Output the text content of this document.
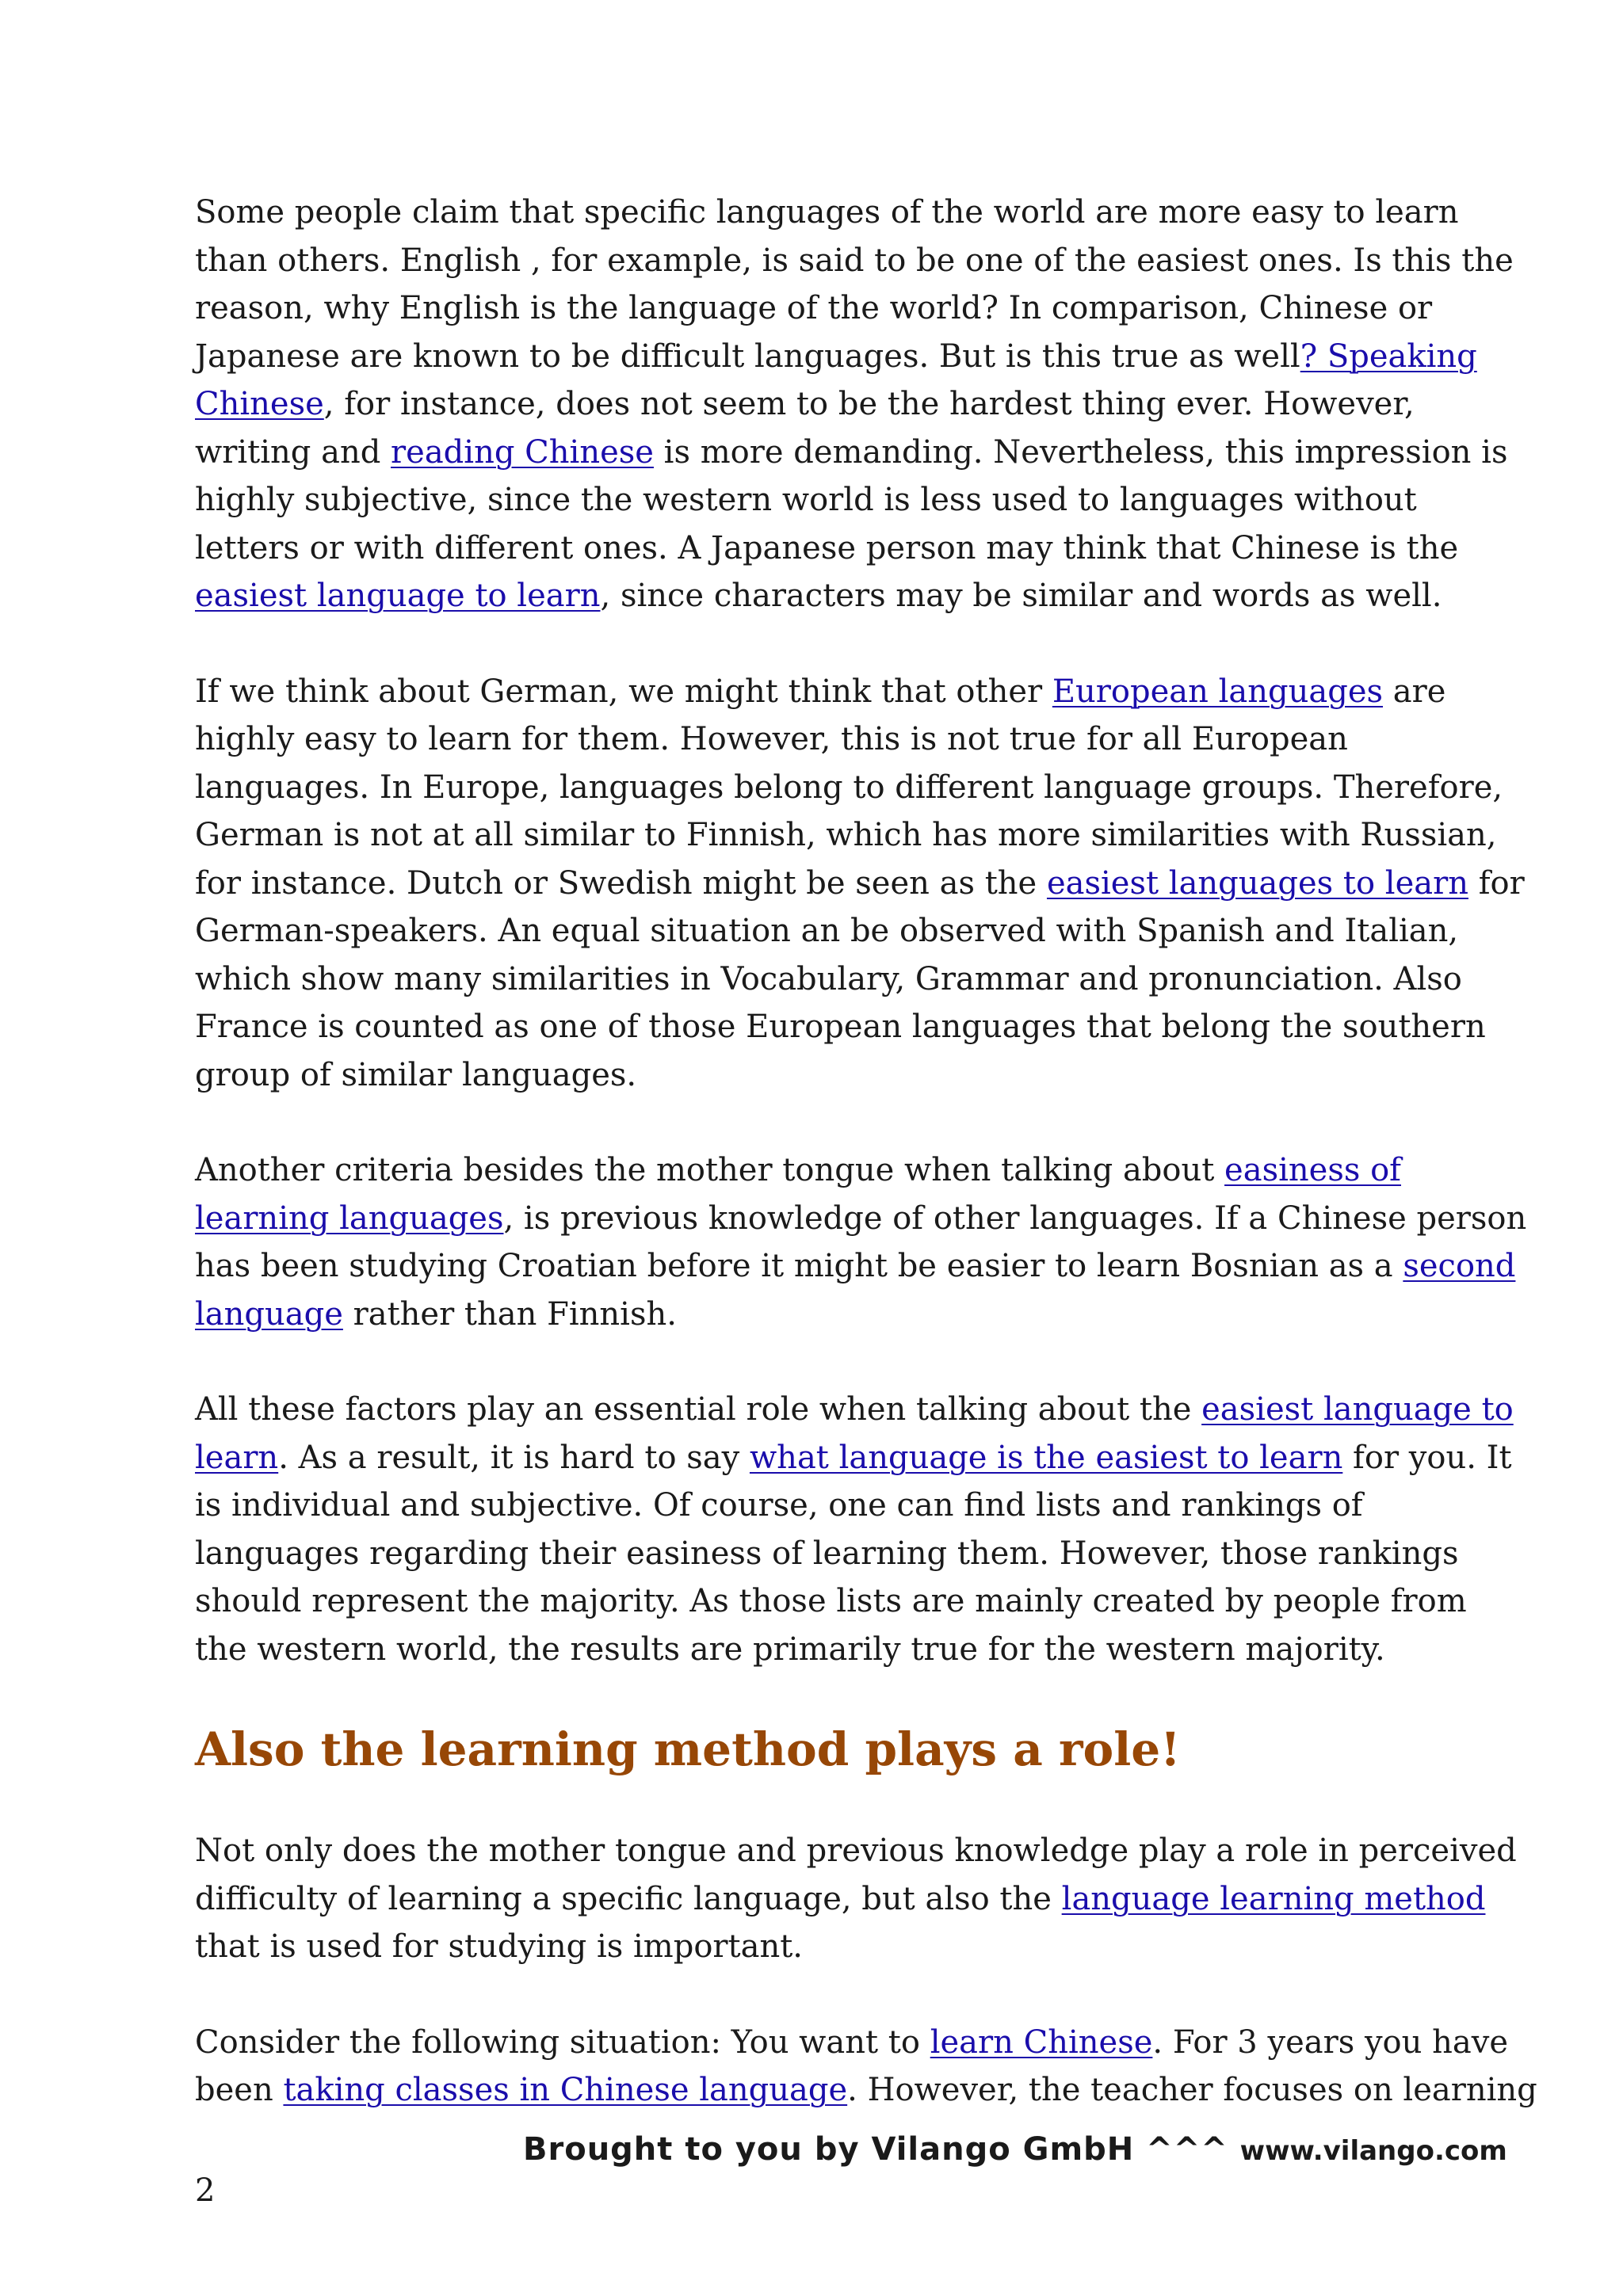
Some people claim that specific languages of the world are more easy to learn
than others. English , for example, is said to be one of the easiest ones. Is this the
reason, why English is the language of the world? In comparison, Chinese or
Japanese are known to be difficult languages. But is this true as well? Speaking
Chinese, for instance, does not seem to be the hardest thing ever. However,
writing and reading Chinese is more demanding. Nevertheless, this impression is
highly subjective, since the western world is less used to languages without
letters or with different ones. A Japanese person may think that Chinese is the
easiest language to learn, since characters may be similar and words as well.

If we think about German, we might think that other European languages are
highly easy to learn for them. However, this is not true for all European
languages. In Europe, languages belong to different language groups. Therefore,
German is not at all similar to Finnish, which has more similarities with Russian,
for instance. Dutch or Swedish might be seen as the easiest languages to learn for
German-speakers. An equal situation an be observed with Spanish and Italian,
which show many similarities in Vocabulary, Grammar and pronunciation. Also
France is counted as one of those European languages that belong the southern
group of similar languages.

Another criteria besides the mother tongue when talking about easiness of
learning languages, is previous knowledge of other languages. If a Chinese person
has been studying Croatian before it might be easier to learn Bosnian as a second
language rather than Finnish.

All these factors play an essential role when talking about the easiest language to
learn. As a result, it is hard to say what language is the easiest to learn for you. It
is individual and subjective. Of course, one can find lists and rankings of
languages regarding their easiness of learning them. However, those rankings
should represent the majority. As those lists are mainly created by people from
the western world, the results are primarily true for the western majority.

Also the learning method plays a role!

Not only does the mother tongue and previous knowledge play a role in perceived
difficulty of learning a specific language, but also the language learning method
that is used for studying is important.

Consider the following situation: You want to learn Chinese. For 3 years you have
been taking classes in Chinese language. However, the teacher focuses on learning

Brought to you by Vilango GmbH ^^^ www.vilango.com
2
